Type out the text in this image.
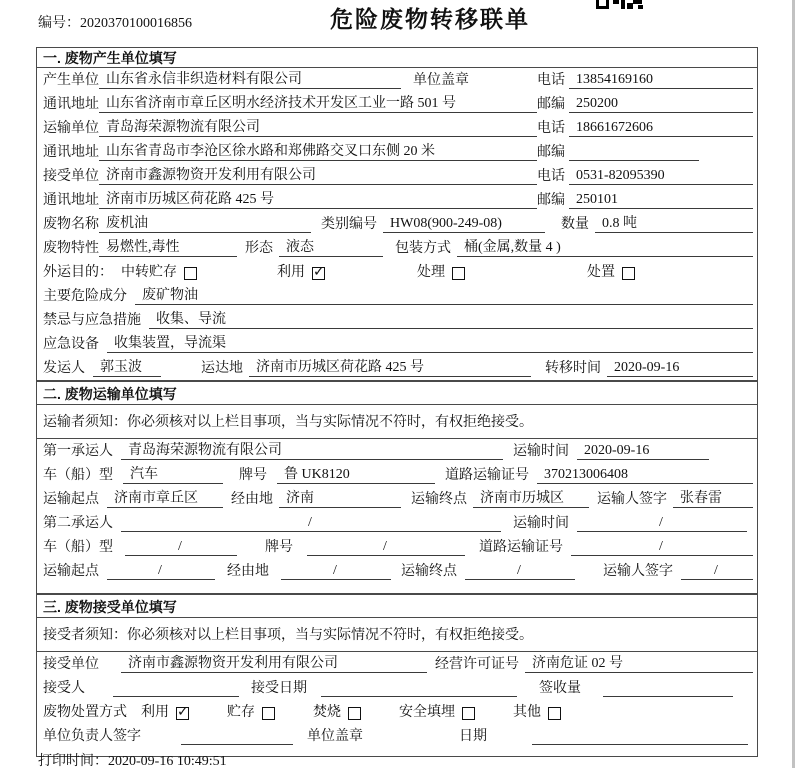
编号：2020370100016856	危险废物转移联单
一. 废物产生单位填写
产生单位 山东省永信非织造材料有限公司	单位盖章	电话 13854169160
通讯地址 山东省济南市章丘区明水经济技术开发区工业一路 501 号	邮编 250200
运输单位 青岛海荣源物流有限公司	电话 18661672606
通讯地址 山东省青岛市李沧区徐水路和郑佛路交叉口东侧 20 米	邮编
接受单位 济南市鑫源物资开发利用有限公司	电话 0531-82095390
通讯地址 济南市历城区荷花路 425 号	邮编 250101
废物名称 废机油	类别编号 HW08(900-249-08)	数量 0.8 吨
废物特性 易燃性,毒性	形态 液态	包装方式 桶(金属,数量 4 )
外运目的： 中转贮存	利用 ✓	处理	处置
主要危险成分	废矿物油
禁忌与应急措施	收集、导流
应急设备	收集装置，导流渠
发运人	郭玉波	运达地 济南市历城区荷花路 425 号	转移时间 2020-09-16
二. 废物运输单位填写
运输者须知：你必须核对以上栏目事项，当与实际情况不符时，有权拒绝接受。
第一承运人	青岛海荣源物流有限公司	运输时间	2020-09-16
车（船）型	汽车	牌号	鲁 UK8120	道路运输证号	370213006408
运输起点	济南市章丘区	经由地 济南	运输终点 济南市历城区	运输人签字 张春雷
第二承运人	/	运输时间	/
车（船）型	/	牌号	/	道路运输证号	/
运输起点	/	经由地	/	运输终点	/	运输人签字	/
三. 废物接受单位填写
接受者须知：你必须核对以上栏目事项，当与实际情况不符时，有权拒绝接受。
接受单位	济南市鑫源物资开发利用有限公司	经营许可证号 济南危证 02 号
接受人	接受日期	签收量
废物处置方式 利用 ✓	贮存	焚烧	安全填埋	其他
单位负责人签字	单位盖章	日期
打印时间：2020-09-16 10:49:51
